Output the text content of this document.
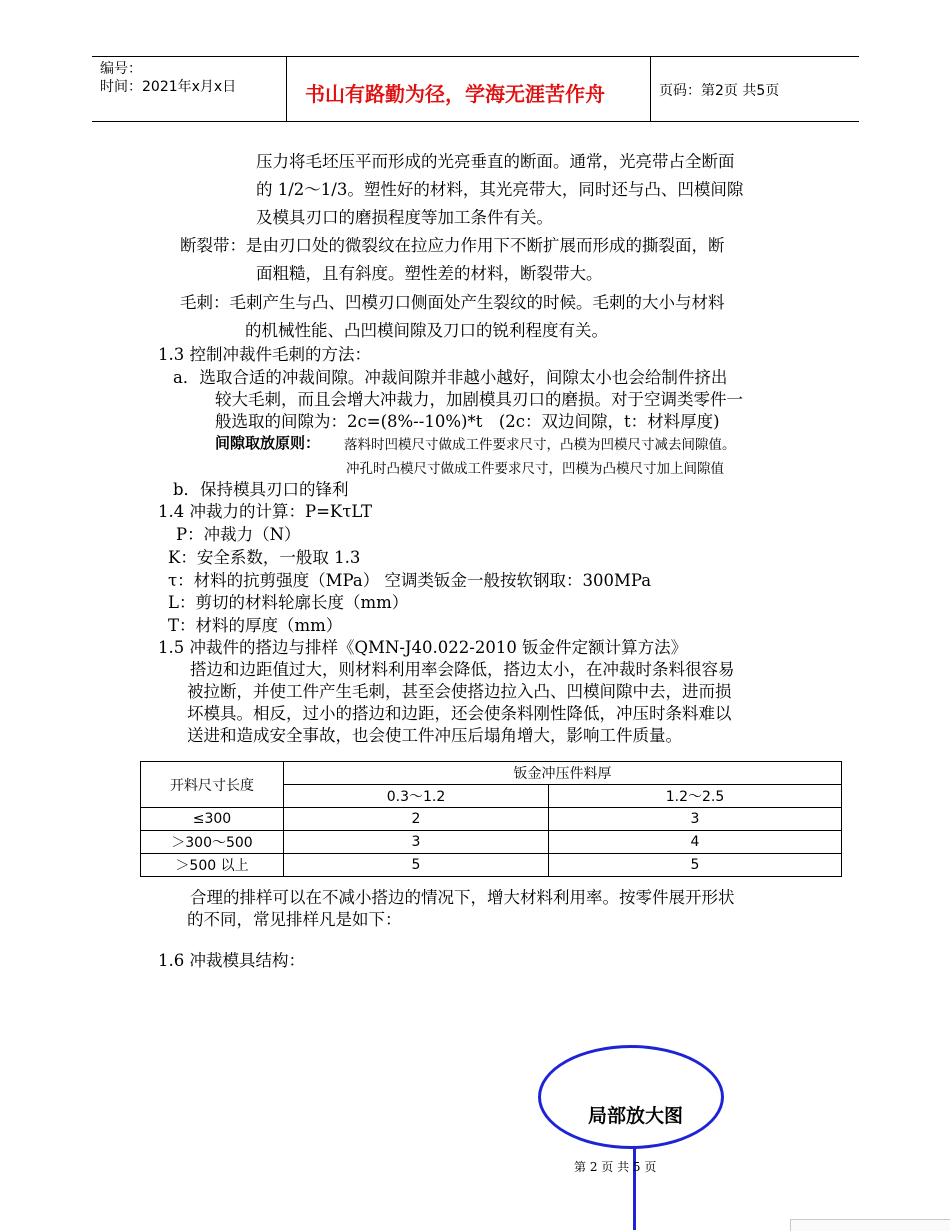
编号：
时间：2021年x月x日	书山有路勤为径，学海无涯苦作舟	页码：第2页 共5页
压力将毛坯压平而形成的光亮垂直的断面。通常，光亮带占全断面
的 1/2～1/3。塑性好的材料，其光亮带大，同时还与凸、凹模间隙
及模具刃口的磨损程度等加工条件有关。
断裂带：是由刃口处的微裂纹在拉应力作用下不断扩展而形成的撕裂面，断
面粗糙，且有斜度。塑性差的材料，断裂带大。
毛刺：毛刺产生与凸、凹模刃口侧面处产生裂纹的时候。毛刺的大小与材料
的机械性能、凸凹模间隙及刀口的锐利程度有关。
1.3 控制冲裁件毛刺的方法：
a．选取合适的冲裁间隙。冲裁间隙并非越小越好，间隙太小也会给制件挤出
较大毛刺，而且会增大冲裁力，加剧模具刃口的磨损。对于空调类零件一
般选取的间隙为：2c=(8%--10%)*t　(2c：双边间隙，t：材料厚度)
间隙取放原则： 落料时凹模尺寸做成工件要求尺寸，凸模为凹模尺寸减去间隙值。
冲孔时凸模尺寸做成工件要求尺寸，凹模为凸模尺寸加上间隙值
b．保持模具刃口的锋利
1.4 冲裁力的计算：P=KτLT
P：冲裁力（N）
K：安全系数，一般取 1.3
τ：材料的抗剪强度（MPa） 空调类钣金一般按软钢取：300MPa
L：剪切的材料轮廓长度（mm）
T：材料的厚度（mm）
1.5 冲裁件的搭边与排样《QMN-J40.022-2010 钣金件定额计算方法》
搭边和边距值过大，则材料利用率会降低，搭边太小，在冲裁时条料很容易
被拉断，并使工件产生毛刺，甚至会使搭边拉入凸、凹模间隙中去，进而损
坏模具。相反，过小的搭边和边距，还会使条料刚性降低，冲压时条料难以
送进和造成安全事故，也会使工件冲压后塌角增大，影响工件质量。
开料尺寸长度	钣金冲压件料厚	
	0.3～1.2	1.2～2.5
≤300	2	3
＞300～500	3	4
＞500 以上	5	5
合理的排样可以在不减小搭边的情况下，增大材料利用率。按零件展开形状
的不同，常见排样凡是如下：
1.6 冲裁模具结构：
局部放大图
第 2 页 共 5 页
